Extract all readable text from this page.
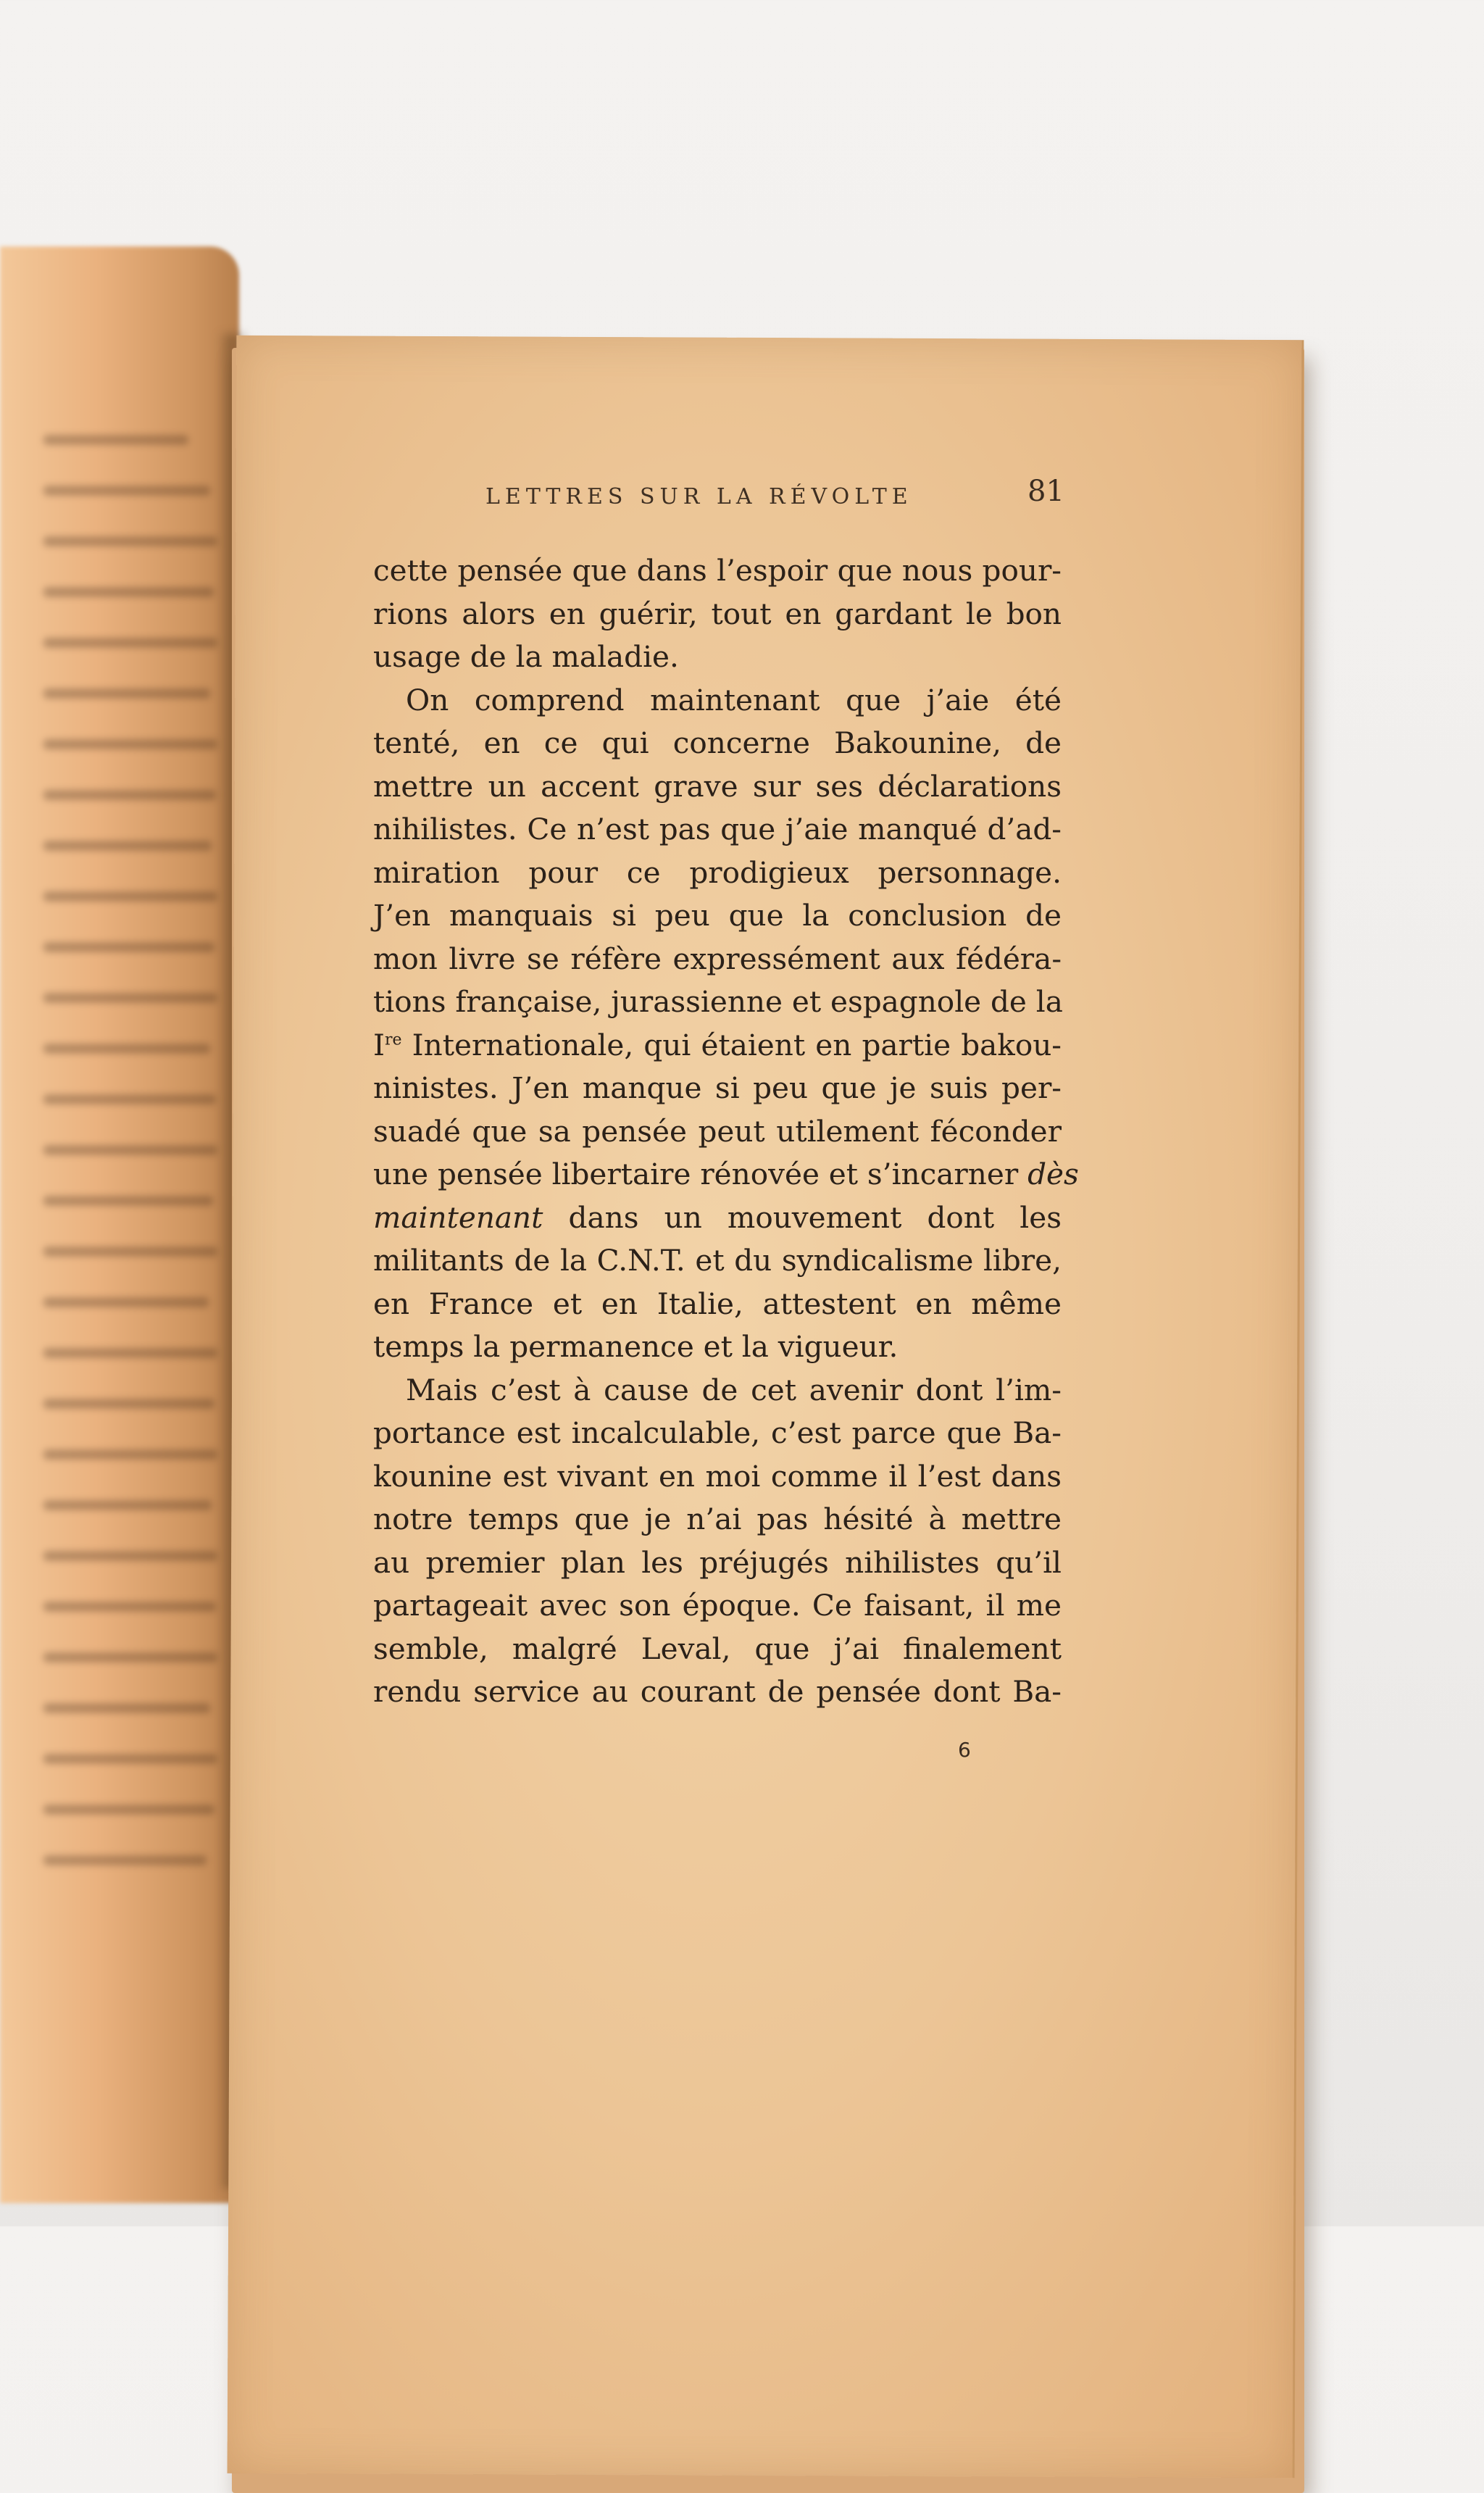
LETTRES SUR LA RÉVOLTE	81
cette pensée que dans l’espoir que nous pour-
rions alors en guérir, tout en gardant le bon
usage de la maladie.
On comprend maintenant que j’aie été
tenté, en ce qui concerne Bakounine, de
mettre un accent grave sur ses déclarations
nihilistes. Ce n’est pas que j’aie manqué d’ad-
miration pour ce prodigieux personnage.
J’en manquais si peu que la conclusion de
mon livre se réfère expressément aux fédéra-
tions française, jurassienne et espagnole de la
Ire Internationale, qui étaient en partie bakou-
ninistes. J’en manque si peu que je suis per-
suadé que sa pensée peut utilement féconder
une pensée libertaire rénovée et s’incarner dès
maintenant dans un mouvement dont les
militants de la C.N.T. et du syndicalisme libre,
en France et en Italie, attestent en même
temps la permanence et la vigueur.
Mais c’est à cause de cet avenir dont l’im-
portance est incalculable, c’est parce que Ba-
kounine est vivant en moi comme il l’est dans
notre temps que je n’ai pas hésité à mettre
au premier plan les préjugés nihilistes qu’il
partageait avec son époque. Ce faisant, il me
semble, malgré Leval, que j’ai finalement
rendu service au courant de pensée dont Ba-
6
